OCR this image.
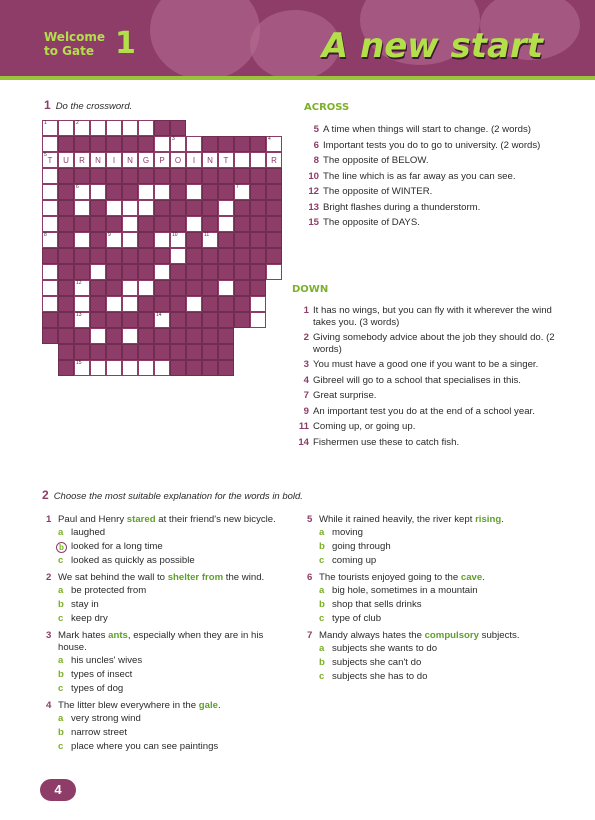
Welcome
to Gate 1	A new start
1 Do the crossword.
1	2
3	4
5
T	U	R	N	I	N	G	P	O	I	N	T	R
6	7
8	9	10	11
12
13	14
15
ACROSS
5 A time when things will start to change. (2 words)
6 Important tests you do to go to university. (2 words)
8 The opposite of BELOW.
10 The line which is as far away as you can see.
12 The opposite of WINTER.
13 Bright flashes during a thunderstorm.
15 The opposite of DAYS.
DOWN
1 It has no wings, but you can fly with it wherever the wind takes you. (3 words)
2 Giving somebody advice about the job they should do. (2 words)
3 You must have a good one if you want to be a singer.
4 Gibreel will go to a school that specialises in this.
7 Great surprise.
9 An important test you do at the end of a school year.
11 Coming up, or going up.
14 Fishermen use these to catch fish.
2 Choose the most suitable explanation for the words in bold.
1 Paul and Henry stared at their friend's new bicycle.
a laughed
b looked for a long time
c looked as quickly as possible
2 We sat behind the wall to shelter from the wind.
a be protected from
b stay in
c keep dry
3 Mark hates ants, especially when they are in his house.
a his uncles' wives
b types of insect
c types of dog
4 The litter blew everywhere in the gale.
a very strong wind
b narrow street
c place where you can see paintings
5 While it rained heavily, the river kept rising.
a moving
b going through
c coming up
6 The tourists enjoyed going to the cave.
a big hole, sometimes in a mountain
b shop that sells drinks
c type of club
7 Mandy always hates the compulsory subjects.
a subjects she wants to do
b subjects she can't do
c subjects she has to do
4
